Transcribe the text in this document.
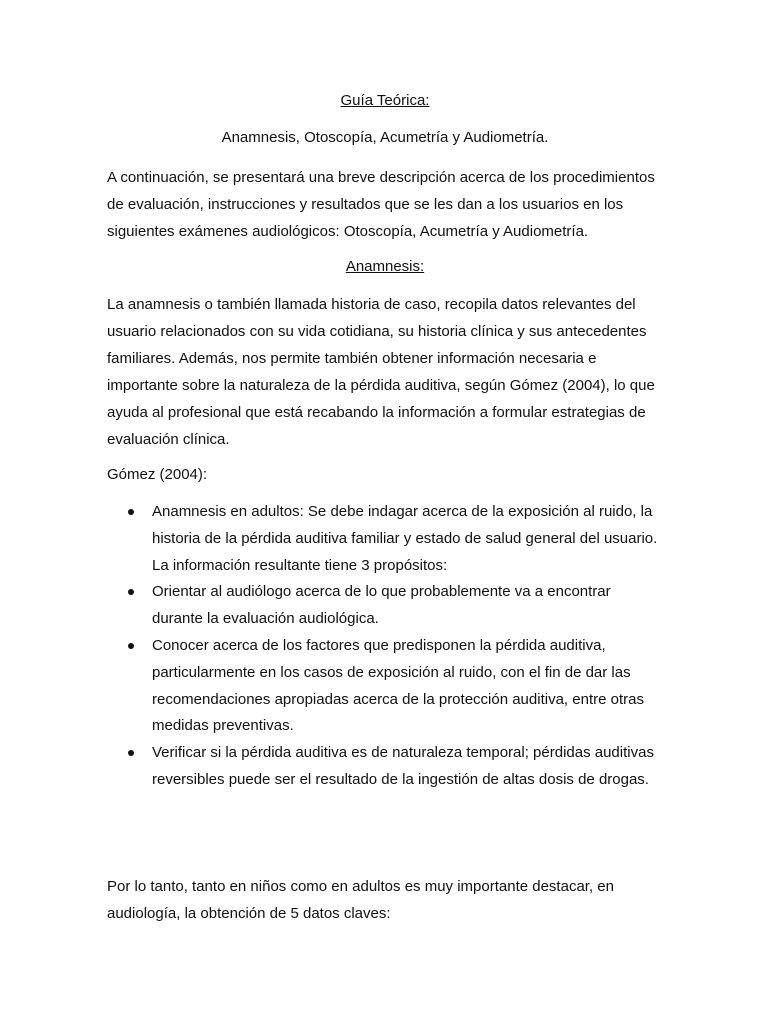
Guía Teórica:
Anamnesis, Otoscopía, Acumetría y Audiometría.

A continuación, se presentará una breve descripción acerca de los procedimientos de evaluación, instrucciones y resultados que se les dan a los usuarios en los siguientes exámenes audiológicos: Otoscopía, Acumetría y Audiometría.

Anamnesis:

La anamnesis o también llamada historia de caso, recopila datos relevantes del usuario relacionados con su vida cotidiana, su historia clínica y sus antecedentes familiares. Además, nos permite también obtener información necesaria e importante sobre la naturaleza de la pérdida auditiva, según Gómez (2004), lo que ayuda al profesional que está recabando la información a formular estrategias de evaluación clínica.

Gómez (2004):

Anamnesis en adultos: Se debe indagar acerca de la exposición al ruido, la historia de la pérdida auditiva familiar y estado de salud general del usuario. La información resultante tiene 3 propósitos:
Orientar al audiólogo acerca de lo que probablemente va a encontrar durante la evaluación audiológica.
Conocer acerca de los factores que predisponen la pérdida auditiva, particularmente en los casos de exposición al ruido, con el fin de dar las recomendaciones apropiadas acerca de la protección auditiva, entre otras medidas preventivas.
Verificar si la pérdida auditiva es de naturaleza temporal; pérdidas auditivas reversibles puede ser el resultado de la ingestión de altas dosis de drogas.

Por lo tanto, tanto en niños como en adultos es muy importante destacar, en audiología, la obtención de 5 datos claves:
